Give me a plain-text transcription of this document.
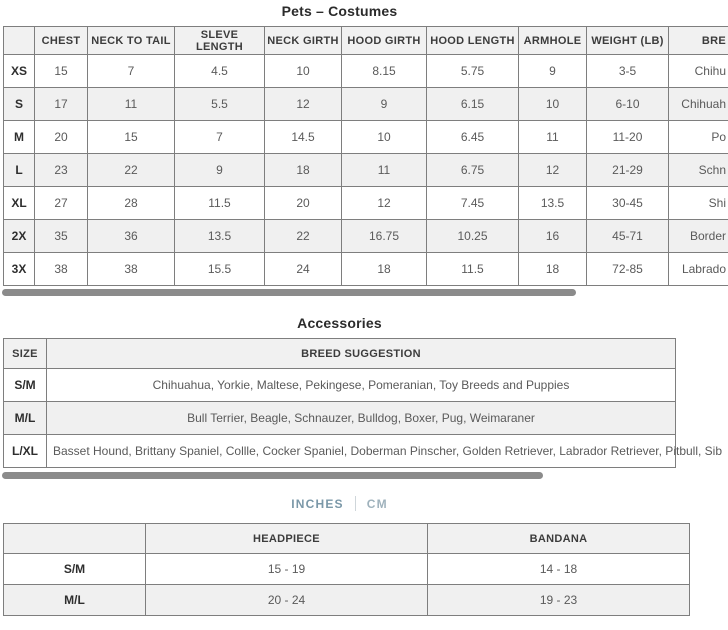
Pets – Costumes
	CHEST	NECK TO TAIL	SLEVE LENGTH	NECK GIRTH	HOOD GIRTH	HOOD LENGTH	ARMHOLE	WEIGHT (LB)	BRE
XS	15	7	4.5	10	8.15	5.75	9	3-5	Chihu
S	17	11	5.5	12	9	6.15	10	6-10	Chihuah
M	20	15	7	14.5	10	6.45	11	11-20	Po
L	23	22	9	18	11	6.75	12	21-29	Schn
XL	27	28	11.5	20	12	7.45	13.5	30-45	Shi
2X	35	36	13.5	22	16.75	10.25	16	45-71	Border
3X	38	38	15.5	24	18	11.5	18	72-85	Labrado
Accessories
SIZE	BREED SUGGESTION
S/M	Chihuahua, Yorkie, Maltese, Pekingese, Pomeranian, Toy Breeds and Puppies
M/L	Bull Terrier, Beagle, Schnauzer, Bulldog, Boxer, Pug, Weimaraner
L/XL	Basset Hound, Brittany Spaniel, Collle, Cocker Spaniel, Doberman Pinscher, Golden Retriever, Labrador Retriever, Pitbull, Sib
INCHES CM
	HEADPIECE	BANDANA
S/M	15 - 19	14 - 18
M/L	20 - 24	19 - 23
